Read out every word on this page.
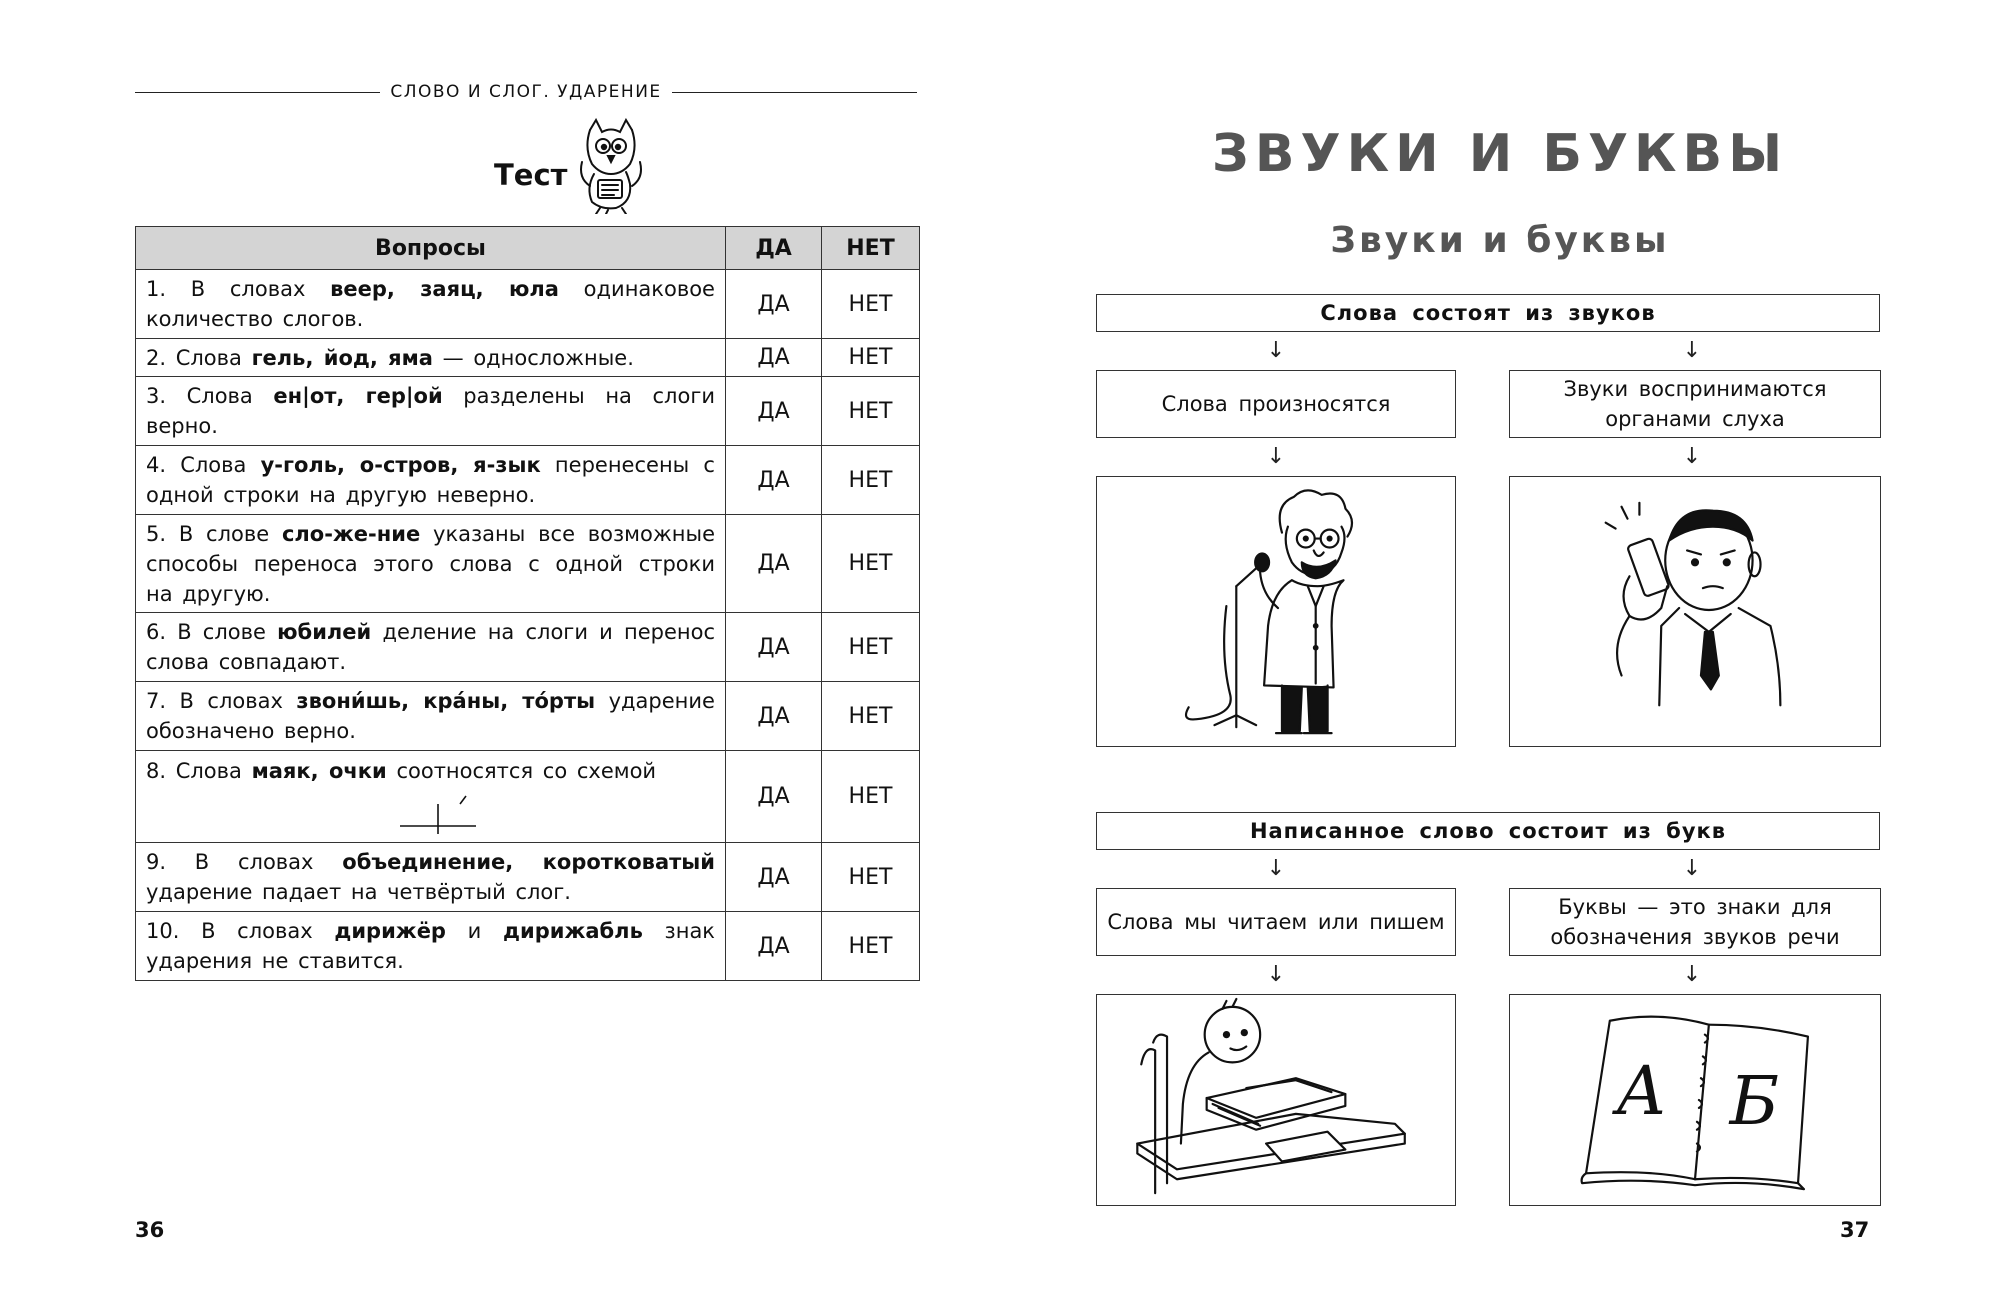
СЛОВО И СЛОГ. УДАРЕНИЕ
Тест
Вопросы	ДА	НЕТ
1. В словах веер, заяц, юла одинаковое количество слогов.	ДА	НЕТ
2. Слова гель, йод, яма — односложные.	ДА	НЕТ
3. Слова ен|от, гер|ой разделены на слоги верно.	ДА	НЕТ
4. Слова у-голь, о-стров, я-зык перенесены с одной строки на другую неверно.	ДА	НЕТ
5. В слове сло-же-ние указаны все возможные способы переноса этого слова с одной строки на другую.	ДА	НЕТ
6. В слове юбилей деление на слоги и перенос слова совпадают.	ДА	НЕТ
7. В словах звони́шь, кра́ны, то́рты ударение обозначено верно.	ДА	НЕТ
8. Слова маяк, очки соотносятся со схемой	ДА	НЕТ
9. В словах объединение, коротковатый ударение падает на четвёртый слог.	ДА	НЕТ
10. В словах дирижёр и дирижабль знак ударения не ставится.	ДА	НЕТ
36
ЗВУКИ И БУКВЫ
Звуки и буквы
Слова состоят из звуков
↓	↓
Слова произносятся
Звуки воспринимаются органами слуха
↓	↓
Написанное слово состоит из букв
↓	↓
Слова мы читаем или пишем
Буквы — это знаки для обозначения звуков речи
↓	↓
А Б
37
